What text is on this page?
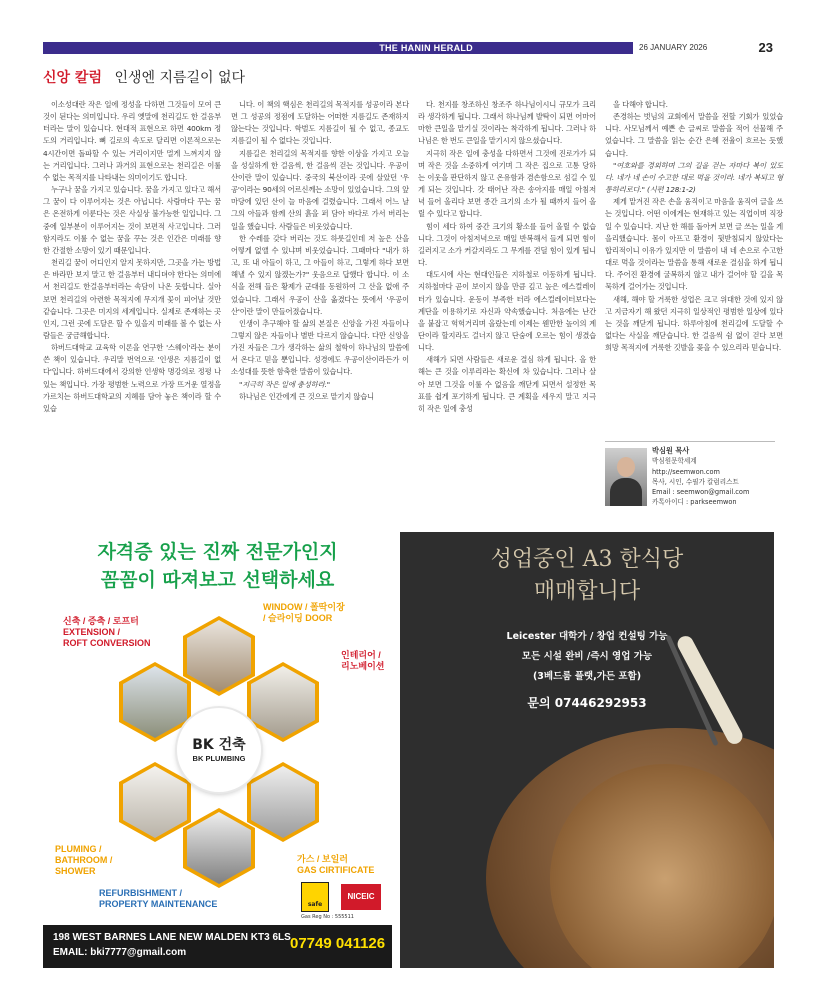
THE HANIN HERALD	26 JANUARY 2026	23
신앙 칼럼 인생엔 지름길이 없다

이소성대란 작은 일에 정성을 다하면 그것들이 모여 큰 것이 된다는 의미입니다. 우리 옛말에 천리길도 한 걸음부터라는 말이 있습니다. 현대적 표현으로 하면 400km 정도의 거리입니다. 뼈 길로의 속도로 달리면 이론적으로는 4시간이면 돌파할 수 있는 거리이지만 멀게 느껴지지 않는 거리입니다. 그러나 과거의 표현으로는 천리길은 이룰 수 없는 목적지를 나타내는 의미이기도 합니다.

누구나 꿈을 가지고 있습니다. 꿈을 가지고 있다고 해서 그 꿈이 다 이루어지는 것은 아닙니다. 사람마다 꾸는 꿈은 온전하게 이룬다는 것은 사실상 불가능한 일입니다. 그 중에 일부분이 이루어지는 것이 보편적 사고입니다. 그러함지라도 이룰 수 없는 꿈을 꾸는 것은 인간은 미래를 향한 간절한 소망이 있기 때문입니다.

천리길 꿈이 어디인지 알지 못하지만, 그곳을 가는 방법은 바라만 보지 말고 한 걸음부터 내디뎌야 한다는 의미에서 천리길도 한걸음부터라는 속담이 나온 듯합니다. 실아 보면 천리길의 아련한 목적지에 무지개 꽃이 피어날 것만 같습니다. 그곳은 미지의 세계입니다. 실제로 존재하는 곳인지, 그런 곳에 도달은 할 수 있을지 미래를 볼 수 없는 사람들은 궁금해합니다.

하버드대학교 교육학 이론을 연구한 '스웨이'라는 분이 쓴 책이 있습니다. 우리말 번역으로 '인생은 지름길이 없다'입니다. 하버드대에서 강의한 인생학 명강의로 정평 나 있는 책입니다. 가장 평범한 노력으로 가장 뜨거운 열정을 가르치는 하버드대학교의 지혜를 담아 놓은 책이라 할 수 있습

니다. 이 책의 핵심은 천리길의 목적지를 성공이라 본다면 그 성공의 정점에 도달하는 어떠한 지름길도 존재하지 않는다는 것입니다. 학벌도 지름길이 될 수 없고, 종교도 지름길이 될 수 없다는 것입니다.

지름길은 천리길의 목적지를 향한 이상을 가지고 오늘을 성실하게 한 걸음씩, 한 걸음씩 걷는 것입니다. 우공이산이란 말이 있습니다. 중국의 북산이라 곳에 살았던 '우공'이라는 90세의 어르신께는 소망이 있었습니다. 그의 앞마당에 있던 산이 늘 마음에 걸렸습니다. 그래서 어느 날 그의 아들과 함께 산의 흙을 퍼 담아 바다로 가서 버리는 일을 했습니다. 사람들은 비웃었습니다.

한 수레를 갖다 버리는 것도 하룻길인데 저 높은 산을 어떻게 없앨 수 있냐며 비웃었습니다. 그때마다 "내가 하고, 또 내 아들이 하고, 그 아들이 하고, 그렇게 하다 보면 해낼 수 있지 않겠는가?" 웃음으로 답했다 합니다. 이 소식을 전해 들은 황제가 군대를 동원하여 그 산을 없애 주었습니다. 그래서 우공이 산을 옮겼다는 뜻에서 '우공이산'이란 말이 만들어졌습니다.

인생이 추구해야 할 삶의 본질은 신앙을 가진 자들이나 그렇지 않은 자들이나 별반 다르지 않습니다. 다만 신앙을 가진 자들은 그가 생각하는 삶의 철학이 하나님의 말씀에서 온다고 믿을 뿐입니다. 성경에도 우공이산이라든가 이소성대를 뜻한 함축한 말씀이 있습니다.

"지극히 작은 일에 충성하라."

하나님은 인간에게 큰 것으로 맡기지 않습니

다. 천지를 창조하신 창조주 하나님이시니 규모가 크리라 생각하게 됩니다. 그래서 하나님께 발탁이 되면 어마어마한 큰일을 맡기실 것이라는 착각하게 됩니다. 그러나 하나님은 한 번도 큰일을 맡기시지 않으셨습니다.

지극히 작은 일에 충성을 다하면서 그것에 진로가가 되며 작은 것을 소중하게 여기며 그 작은 집으로 고통 당하는 이웃을 판단하지 않고 온유함과 겸손함으로 섬길 수 있게 되는 것입니다. 갓 태어난 작은 송아지를 매일 아침저녁 들어 올리다 보면 종간 크기의 소가 될 때까지 들어 올릴 수 있다고 합니다.

힘이 세다 하여 중간 크기의 황소를 들어 올릴 수 없습니다. 그것이 아침저녁으로 매일 반복해서 들게 되면 힘이 길러지고 소가 커갈지라도 그 무게를 견딜 힘이 있게 됩니다.

대도시에 사는 현대인들은 지하철로 이동하게 됩니다. 지하철마다 곧이 보이지 않을 만큼 깊고 높은 에스컬레이터가 있습니다. 운동이 부족한 터라 에스컬레이터보다는 계단을 이용하기로 자신과 약속했습니다. 처음에는 난간을 붙잡고 헉헉거리며 올랐는데 이제는 웬만한 높이의 계단이라 할지라도 걸너지 않고 단숨에 오르는 힘이 생겼습니다.

새해가 되면 사람들은 새로운 결심 하게 됩니다. 올 한 해는 큰 것을 이루리라는 확신에 차 있습니다. 그러나 살아 보면 그것을 이룰 수 없음을 깨닫게 되면서 설정한 목표를 쉽게 포기하게 됩니다. 큰 계획을 세우지 말고 지극히 작은 일에 충성

을 다해야 합니다.

존경하는 벗님의 교회에서 말씀을 전할 기회가 있었습니다. 사모님께서 예쁜 손 글씨로 말씀을 적어 선물해 주었습니다. 그 말씀을 읽는 순간 은혜 전율이 흐르는 듯했습니다.

"여호와를 경외하며 그의 길을 걷는 자마다 복이 있도다. 네가 네 손이 수고한 대로 먹을 것이라. 네가 복되고 형통하리로다." (시편 128:1-2)

제게 맡겨진 작은 손을 움직이고 마음을 움직여 글을 쓰는 것입니다. 어떤 이에게는 현재하고 있는 직업이며 직장일 수 있습니다. 지난 한 해를 돌아켜 보면 글 쓰는 일을 게을리했습니다. 몸이 아프고 환경이 뒷받침되지 않았다는 합리적이니 이유가 있지만 이 말씀이 내 네 손으로 수고한 대로 먹을 것이라는 말씀을 통해 새로운 결심을 하게 됩니다. 주어진 환경에 굴복하지 않고 내가 걸어야 할 길을 목묵하게 걸어가는 것입니다.

새해, 해야 할 거룩한 성업은 크고 위대한 것에 있지 않고 지금자기 해 왔던 지극히 일상적인 평범한 일상에 있다는 것을 깨닫게 됩니다. 하루아침에 천리길에 도달할 수 없다는 사실을 깨닫습니다. 한 걸음씩 쉼 없이 걷다 보면 희망 목적지에 거룩한 깃발을 꽂을 수 있으리라 믿습니다.

박심원 목사
박심원문학세계
http://seemwon.com
목사, 시인, 수필가 칼럼리스트
Email : seemwon@gmail.com
카톡아이디 : parkseemwon
자격증 있는 진짜 전문가인지
꼼꼼이 따져보고 선택하세요
BK 건축
BK PLUMBING
신축 / 증축 / 로프터
EXTENSION /
ROFT CONVERSION
WINDOW / 폴딱이장
/ 슬라이딩 DOOR
인테리어 /
리노베이션
PLUMING /
BATHROOM /
SHOWER
가스 / 보일러
GAS CIRTIFICATE
REFURBISHMENT /
PROPERTY MAINTENANCE	safe
NICEIC
Gas Reg No : 555511
198 WEST BARNES LANE NEW MALDEN KT3 6LS
EMAIL: bki7777@gmail.com
07749 041126
성업중인 A3 한식당
매매합니다
Leicester 대학가 / 창업 컨설팅 가능
모든 시설 완비 /즉시 영업 가능
(3베드룸 플랫,가든 포함)
문의 07446292953
